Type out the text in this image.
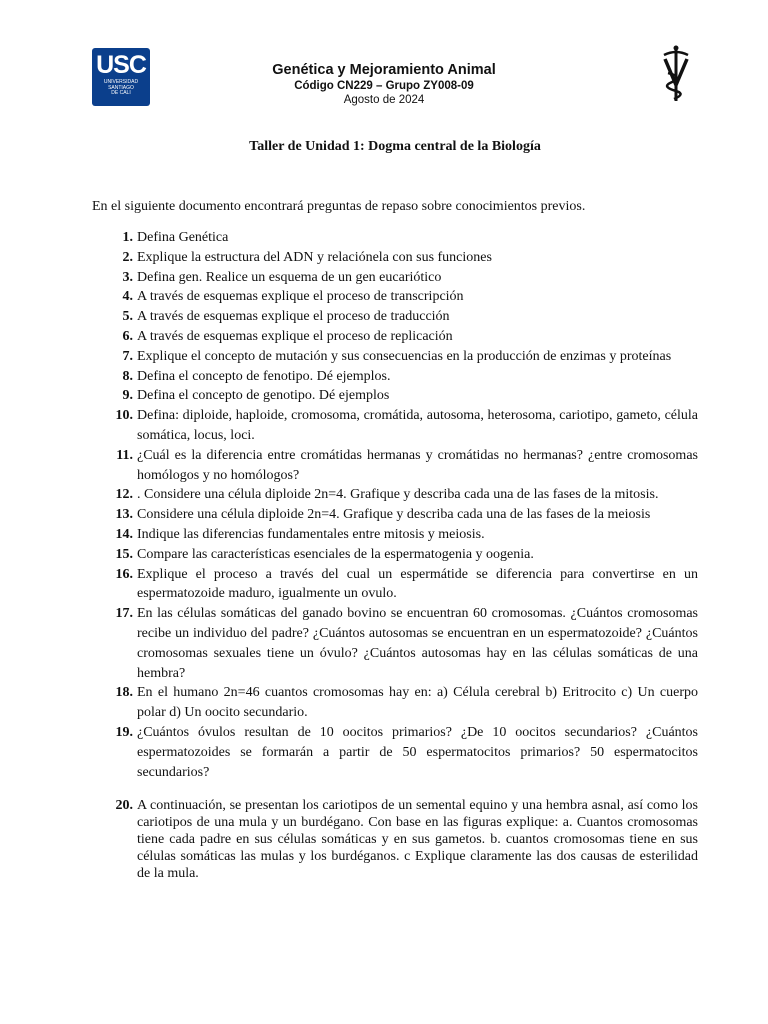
USC
UNIVERSIDAD
SANTIAGO
DE CALI
Genética y Mejoramiento Animal
Código CN229 – Grupo ZY008-09
Agosto de 2024
Taller de Unidad 1: Dogma central de la Biología
En el siguiente documento encontrará preguntas de repaso sobre conocimientos previos.
1. Defina Genética
2. Explique la estructura del ADN y relaciónela con sus funciones
3. Defina gen. Realice un esquema de un gen eucariótico
4. A través de esquemas explique el proceso de transcripción
5. A través de esquemas explique el proceso de traducción
6. A través de esquemas explique el proceso de replicación
7. Explique el concepto de mutación y sus consecuencias en la producción de enzimas y proteínas
8. Defina el concepto de fenotipo. Dé ejemplos.
9. Defina el concepto de genotipo. Dé ejemplos
10. Defina: diploide, haploide, cromosoma, cromátida, autosoma, heterosoma, cariotipo, gameto, célula somática, locus, loci.
11. ¿Cuál es la diferencia entre cromátidas hermanas y cromátidas no hermanas? ¿entre cromosomas homólogos y no homólogos?
12. . Considere una célula diploide 2n=4. Grafique y describa cada una de las fases de la mitosis.
13. Considere una célula diploide 2n=4. Grafique y describa cada una de las fases de la meiosis
14. Indique las diferencias fundamentales entre mitosis y meiosis.
15. Compare las características esenciales de la espermatogenia y oogenia.
16. Explique el proceso a través del cual un espermátide se diferencia para convertirse en un espermatozoide maduro, igualmente un ovulo.
17. En las células somáticas del ganado bovino se encuentran 60 cromosomas. ¿Cuántos cromosomas recibe un individuo del padre? ¿Cuántos autosomas se encuentran en un espermatozoide? ¿Cuántos cromosomas sexuales tiene un óvulo? ¿Cuántos autosomas hay en las células somáticas de una hembra?
18. En el humano 2n=46 cuantos cromosomas hay en: a) Célula cerebral b) Eritrocito c) Un cuerpo polar d) Un oocito secundario.
19. ¿Cuántos óvulos resultan de 10 oocitos primarios? ¿De 10 oocitos secundarios? ¿Cuántos espermatozoides se formarán a partir de 50 espermatocitos primarios? 50 espermatocitos secundarios?
20. A continuación, se presentan los cariotipos de un semental equino y una hembra asnal, así como los cariotipos de una mula y un burdégano. Con base en las figuras explique: a. Cuantos cromosomas tiene cada padre en sus células somáticas y en sus gametos. b. cuantos cromosomas tiene en sus células somáticas las mulas y los burdéganos. c Explique claramente las dos causas de esterilidad de la mula.
